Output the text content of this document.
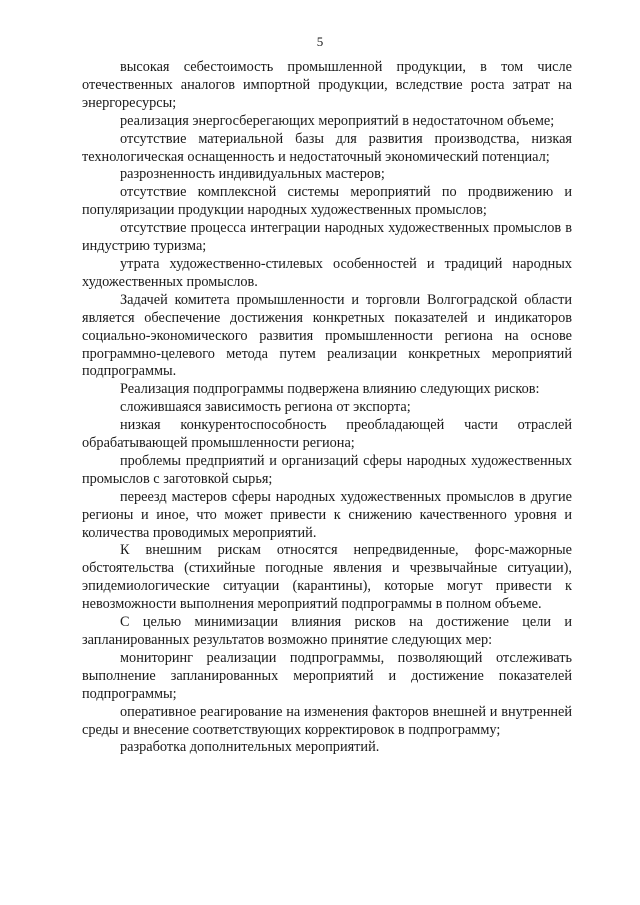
5

высокая себестоимость промышленной продукции, в том числе отечественных аналогов импортной продукции, вследствие роста затрат на энергоресурсы;

реализация энергосберегающих мероприятий в недостаточном объеме;

отсутствие материальной базы для развития производства, низкая технологическая оснащенность и недостаточный экономический потенциал;

разрозненность индивидуальных мастеров;

отсутствие комплексной системы мероприятий по продвижению и популяризации продукции народных художественных промыслов;

отсутствие процесса интеграции народных художественных промыслов в индустрию туризма;

утрата художественно-стилевых особенностей и традиций народных художественных промыслов.

Задачей комитета промышленности и торговли Волгоградской области является обеспечение достижения конкретных показателей и индикаторов социально-экономического развития промышленности региона на основе программно-целевого метода путем реализации конкретных мероприятий подпрограммы.

Реализация подпрограммы подвержена влиянию следующих рисков:

сложившаяся зависимость региона от экспорта;

низкая конкурентоспособность преобладающей части отраслей обрабатывающей промышленности региона;

проблемы предприятий и организаций сферы народных художественных промыслов с заготовкой сырья;

переезд мастеров сферы народных художественных промыслов в другие регионы и иное, что может привести к снижению качественного уровня и количества проводимых мероприятий.

К внешним рискам относятся непредвиденные, форс-мажорные обстоятельства (стихийные погодные явления и чрезвычайные ситуации), эпидемиологические ситуации (карантины), которые могут привести к невозможности выполнения мероприятий подпрограммы в полном объеме.

С целью минимизации влияния рисков на достижение цели и запланированных результатов возможно принятие следующих мер:

мониторинг реализации подпрограммы, позволяющий отслеживать выполнение запланированных мероприятий и достижение показателей подпрограммы;

оперативное реагирование на изменения факторов внешней и внутренней среды и внесение соответствующих корректировок в подпрограмму;

разработка дополнительных мероприятий.
